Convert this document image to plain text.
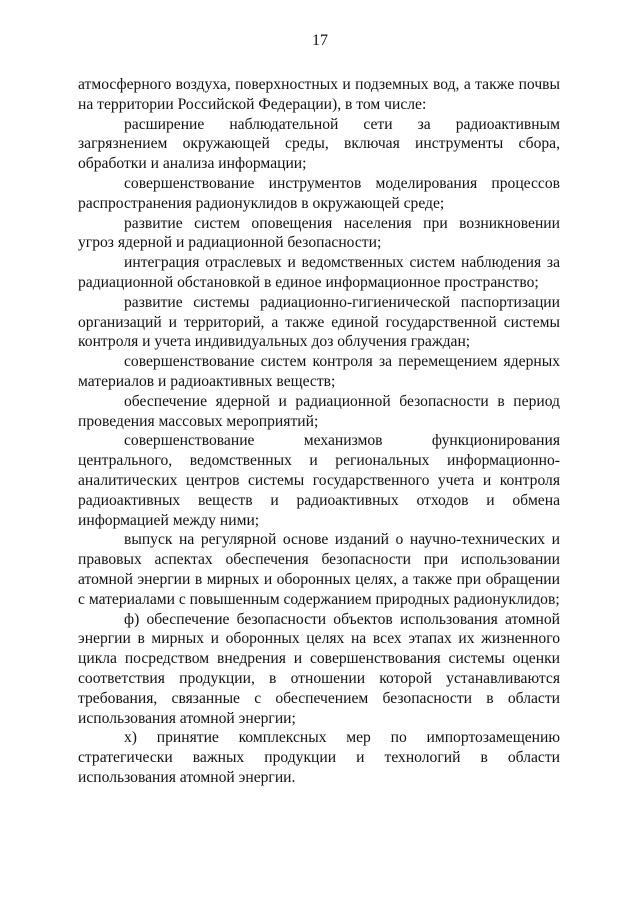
17

атмосферного воздуха, поверхностных и подземных вод, а также почвы на территории Российской Федерации), в том числе:

расширение наблюдательной сети за радиоактивным загрязнением окружающей среды, включая инструменты сбора, обработки и анализа информации;

совершенствование инструментов моделирования процессов распространения радионуклидов в окружающей среде;

развитие систем оповещения населения при возникновении угроз ядерной и радиационной безопасности;

интеграция отраслевых и ведомственных систем наблюдения за радиационной обстановкой в единое информационное пространство;

развитие системы радиационно-гигиенической паспортизации организаций и территорий, а также единой государственной системы контроля и учета индивидуальных доз облучения граждан;

совершенствование систем контроля за перемещением ядерных материалов и радиоактивных веществ;

обеспечение ядерной и радиационной безопасности в период проведения массовых мероприятий;

совершенствование механизмов функционирования центрального, ведомственных и региональных информационно-аналитических центров системы государственного учета и контроля радиоактивных веществ и радиоактивных отходов и обмена информацией между ними;

выпуск на регулярной основе изданий о научно-технических и правовых аспектах обеспечения безопасности при использовании атомной энергии в мирных и оборонных целях, а также при обращении с материалами с повышенным содержанием природных радионуклидов;

ф) обеспечение безопасности объектов использования атомной энергии в мирных и оборонных целях на всех этапах их жизненного цикла посредством внедрения и совершенствования системы оценки соответствия продукции, в отношении которой устанавливаются требования, связанные с обеспечением безопасности в области использования атомной энергии;

х) принятие комплексных мер по импортозамещению стратегически важных продукции и технологий в области использования атомной энергии.
